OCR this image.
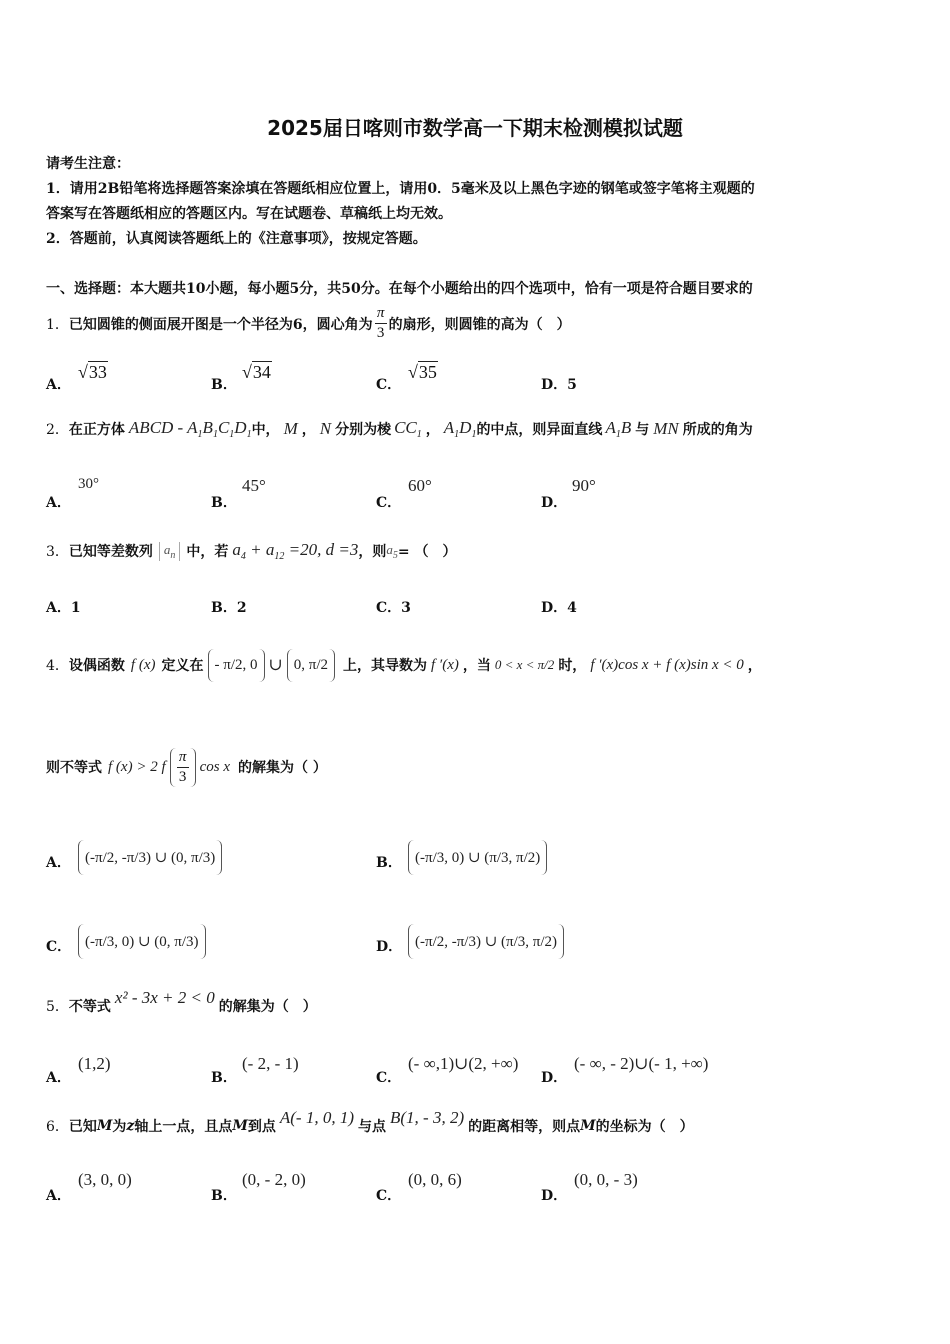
2025届日喀则市数学高一下期末检测模拟试题
请考生注意：
1．请用2B铅笔将选择题答案涂填在答题纸相应位置上，请用0．5毫米及以上黑色字迹的钢笔或签字笔将主观题的
答案写在答题纸相应的答题区内。写在试题卷、草稿纸上均无效。
2．答题前，认真阅读答题纸上的《注意事项》，按规定答题。
一、选择题：本大题共10小题，每小题5分，共50分。在每个小题给出的四个选项中，恰有一项是符合题目要求的
1． 已知圆锥的侧面展开图是一个半径为6，圆心角为 $\frac{\pi}{3}$ 的扇形，则圆锥的高为（　）
A．
√33
B．
√34
C．
√35
D．5
2． 在正方体 ABCD - $A_1B_1C_1D_1$ 中， M ， N 分别为棱 $CC_1$ ， $A_1D_1$ 的中点，则异面直线 $A_1B$ 与 MN 所成的角为
A．
30°
B．
45°
C．
60°
D．
90°
3． 已知等差数列 $a_n$ 中，若 $a_4 + a_{12} =20$, d =3 ，则 $a_5$ = （　）
A．1	B．2	C．3	D．4
4． 设偶函数 f (x) 定义在 - π/2, 0 ∪ 0, π/2	上，其导数为 f ′(x) ，当 0 < x < π/2 时， f ′(x)cos x + f (x)sin x < 0 ，
则不等式 f (x) > 2 f $\frac{\pi}{3}$ cos x 的解集为（ ）
A． (-π/2, -π/3) ∪ (0, π/3)	B． (-π/3, 0) ∪ (π/3, π/2)
C． (-π/3, 0) ∪ (0, π/3)	D． (-π/2, -π/3) ∪ (π/3, π/2)
5． 不等式 x² - 3x + 2 < 0 的解集为（　）
A．
(1,2)
B．
(- 2, - 1)
C．
(- ∞,1)∪(2, +∞)
D．
(- ∞, - 2)∪(- 1, +∞)
6． 已知 M 为 z 轴上一点，且点 M 到点 A(- 1, 0, 1) 与点 B(1, - 3, 2) 的距离相等，则点 M 的坐标为（　）
A．
(3, 0, 0)
B．
(0, - 2, 0)
C．
(0, 0, 6)
D．
(0, 0, - 3)
